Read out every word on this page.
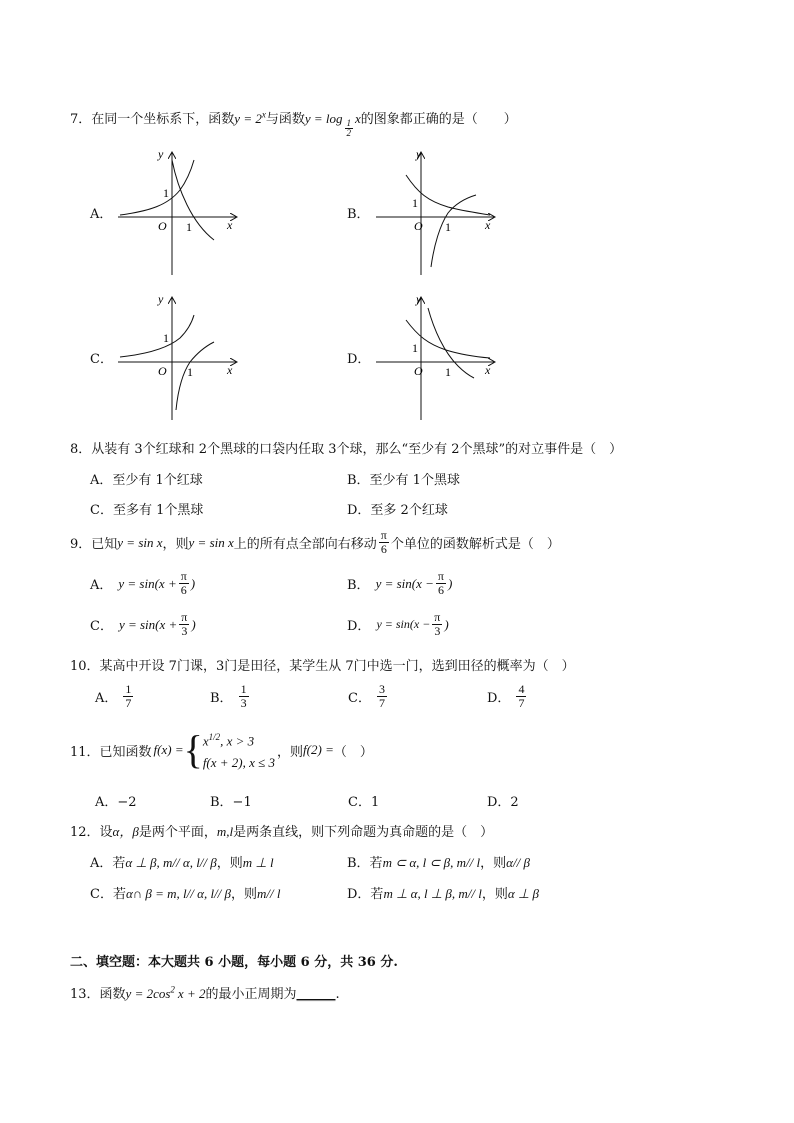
7．在同一个坐标系下，函数$y = 2^x$与函数y = log
$\frac{1}{2}$
x的图象都正确的是（　　）
A．	B．
C．	D．
y
x
O
1
1
y
x
O
1
1
y
x
O
1
1
y
x
O
1
1
8．从装有 3个红球和 2个黑球的口袋内任取 3个球，那么“至少有 2个黑球”的对立事件是（　）
A．至少有 1个红球	B．至少有 1个黑球
C．至多有 1个黑球	D．至多 2个红球
9．已知 y = sin x ，则 y = sin x 上的所有点全部向右移动 $\frac{\pi}{6}$ 个单位的函数解析式是（　）
A． $y = \sin(x + \frac{\pi}{6}$ )	B． $y = \sin(x - \frac{\pi}{6}$ )
C． $y = \sin(x + \frac{\pi}{3}$ )	D． $y = \sin(x - \frac{\pi}{3}$ )
10．某高中开设 7门课，3门是田径，某学生从 7门中选一门，选到田径的概率为（　）
A． $\frac{1}{7}$	B． $\frac{1}{3}$	C． $\frac{3}{7}$	D． $\frac{4}{7}$
11．已知函数 f(x) = { $x^{1/2}$, x > 3
f(x + 2), x ≤ 3
，则 f(2) = （　）
A．−2	B．−1	C．1	D．2
12．设α，β是两个平面，m,l是两条直线，则下列命题为真命题的是（　）
A．若α ⊥ β, m// α, l// β，则m ⊥ l	B．若m ⊂ α, l ⊂ β, m// l，则α// β
C．若α∩ β = m, l// α, l// β，则m// l	D．若m ⊥ α, l ⊥ β, m// l，则α ⊥ β
二、填空题：本大题共 6 小题，每小题 6 分，共 36 分.
13．函数$y = 2\cos^2$ x + 2的最小正周期为______.
